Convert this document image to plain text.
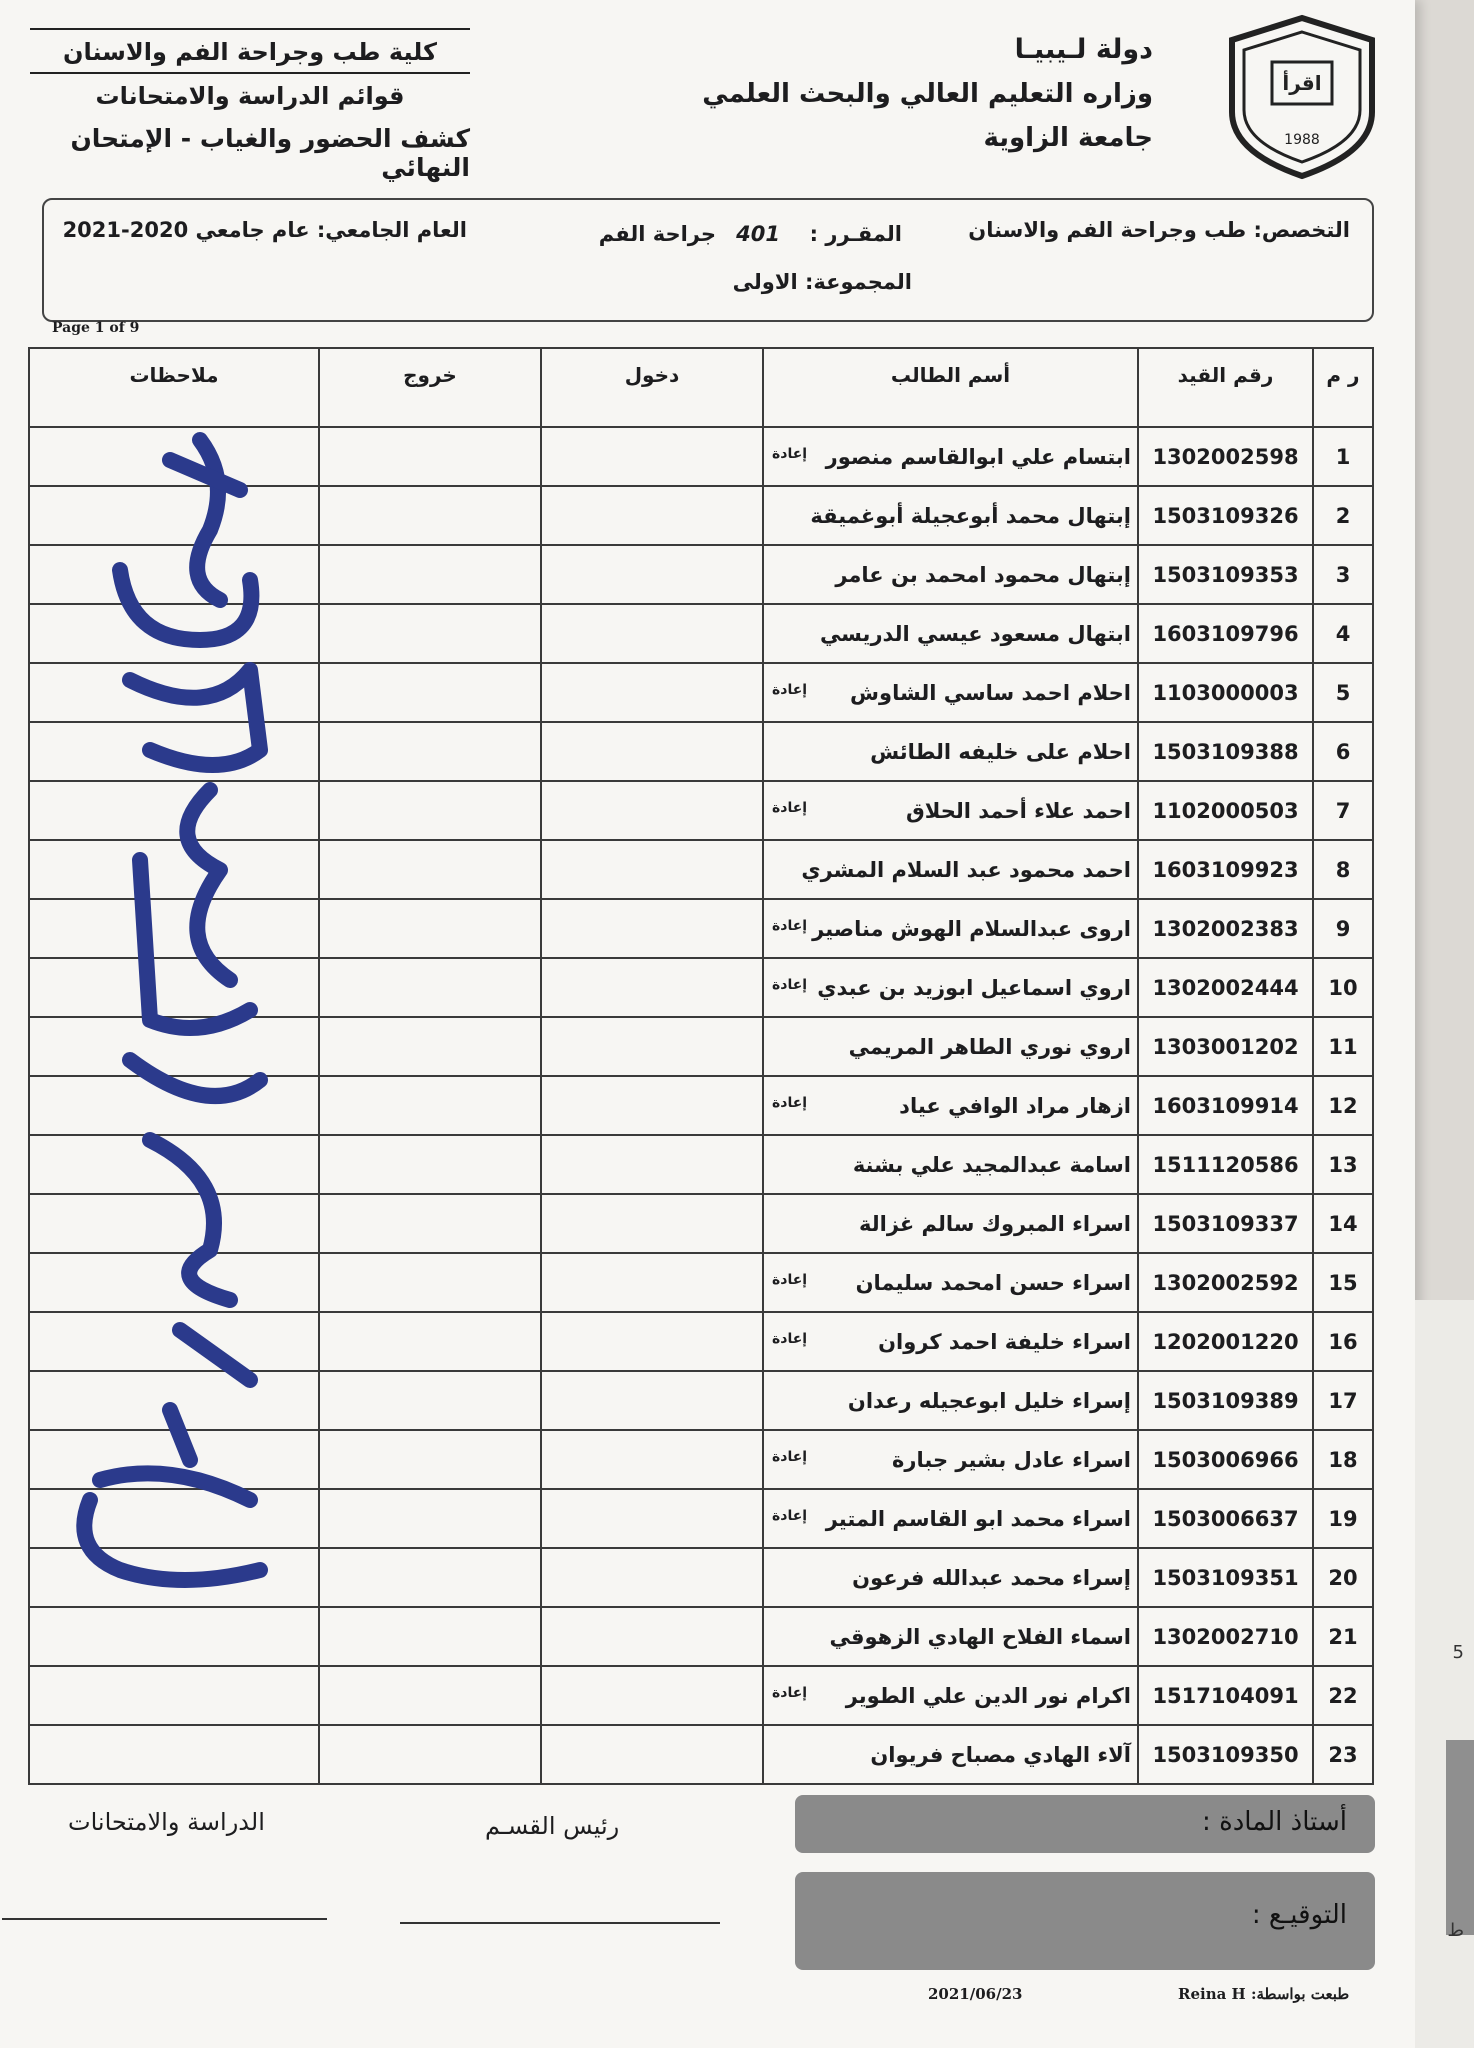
اقرأ
1988
دولة لـيبيـا
وزاره التعليم العالي والبحث العلمي
جامعة الزاوية
كلية طب وجراحة الفم والاسنان
قوائم الدراسة والامتحانات
كشف الحضور والغياب - الإمتحان النهائي
التخصص: طب وجراحة الفم والاسنان
المقـرر :
401
جراحة الفم
العام الجامعي: عام جامعي 2020-2021
المجموعة: الاولى
Page 1 of 9
ر م	رقم القيد	أسم الطالب	دخول	خروج	ملاحظات
1	1302002598	ابتسام علي ابوالقاسم منصور
إعادة			

2	1503109326	إبتهال محمد أبوعجيلة أبوغميقة			
3	1503109353	إبتهال محمود امحمد بن عامر			
4	1603109796	ابتهال مسعود عيسي الدريسي			
5	1103000003	احلام احمد ساسي الشاوش
إعادة			

6	1503109388	احلام على خليفه الطائش			
7	1102000503	احمد علاء أحمد الحلاق
إعادة			

8	1603109923	احمد محمود عبد السلام المشري			
9	1302002383	اروى عبدالسلام الهوش مناصير
إعادة			

10	1302002444	اروي اسماعيل ابوزيد بن عبدي
إعادة			

11	1303001202	اروي نوري الطاهر المريمي			
12	1603109914	ازهار مراد الوافي عياد
إعادة			

13	1511120586	اسامة عبدالمجيد علي بشنة			
14	1503109337	اسراء المبروك سالم غزالة			
15	1302002592	اسراء حسن امحمد سليمان
إعادة			

16	1202001220	اسراء خليفة احمد كروان
إعادة			

17	1503109389	إسراء خليل ابوعجيله رعدان			
18	1503006966	اسراء عادل بشير جبارة
إعادة			

19	1503006637	اسراء محمد ابو القاسم المتير
إعادة			

20	1503109351	إسراء محمد عبدالله فرعون			
21	1302002710	اسماء الفلاح الهادي الزهوقي			
22	1517104091	اكرام نور الدين علي الطوير
إعادة			

23	1503109350	آلاء الهادي مصباح فريوان			
أستاذ المادة :
التوقيـع :
رئيس القسـم
الدراسة والامتحانات
2021/06/23	طبعت بواسطة: Reina H
5
ط
